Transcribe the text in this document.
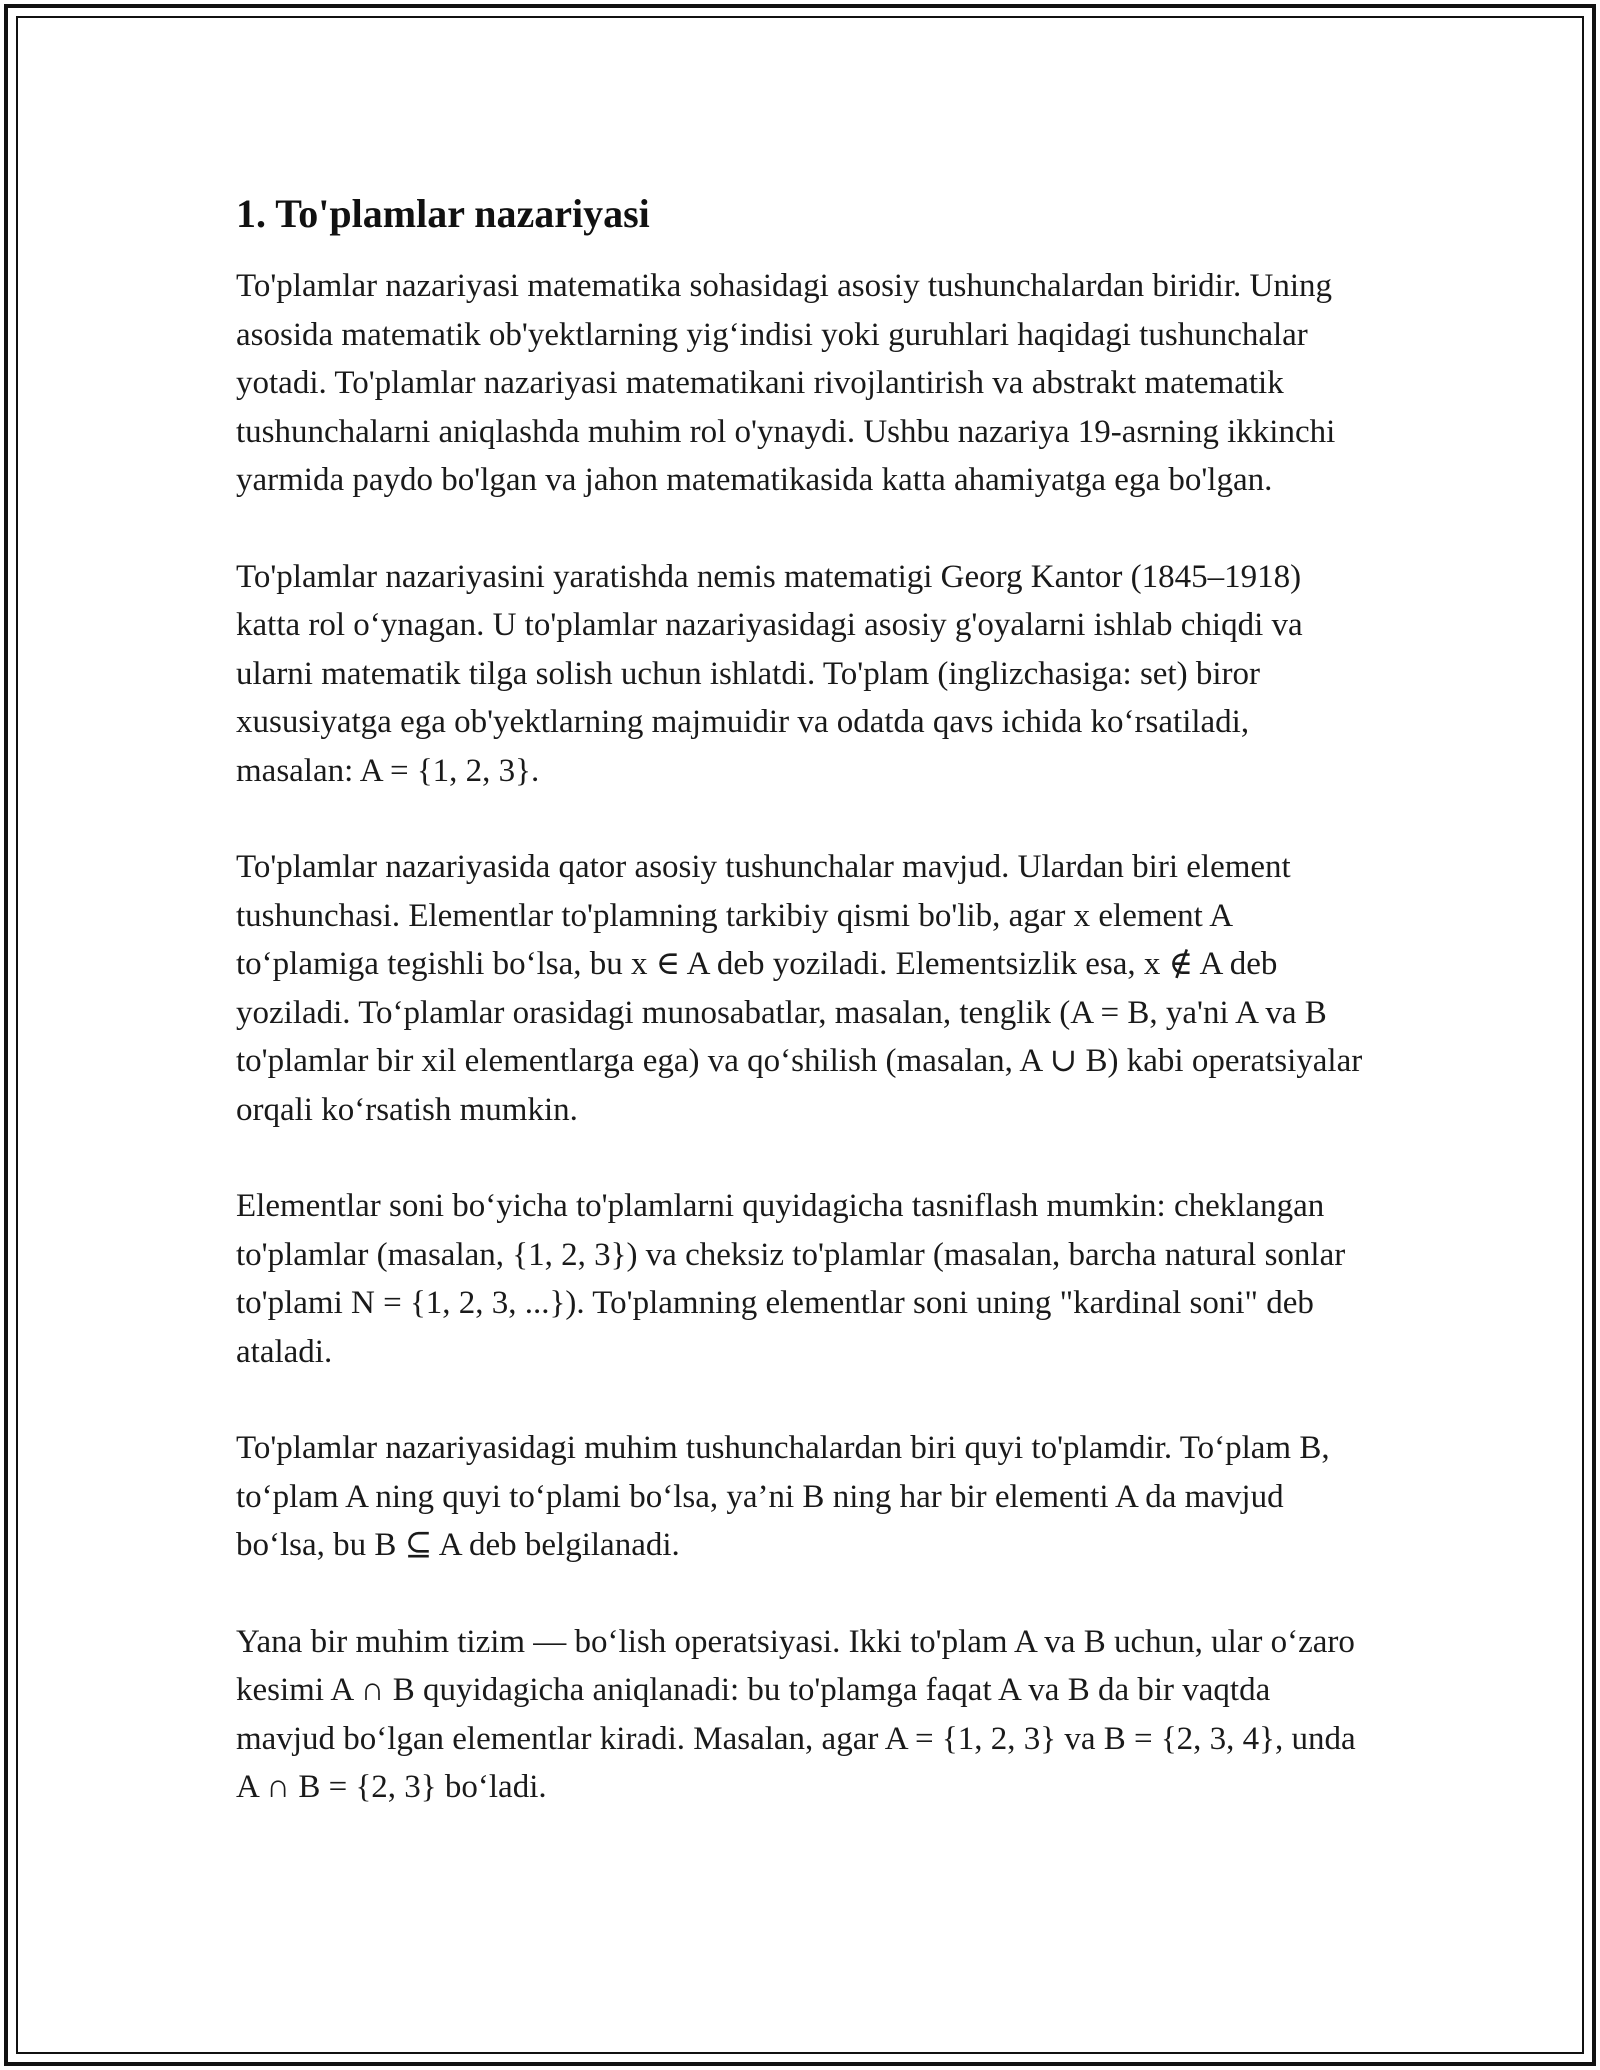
1. To'plamlar nazariyasi

To'plamlar nazariyasi matematika sohasidagi asosiy tushunchalardan biridir. Uning asosida matematik ob'yektlarning yig‘indisi yoki guruhlari haqidagi tushunchalar yotadi. To'plamlar nazariyasi matematikani rivojlantirish va abstrakt matematik tushunchalarni aniqlashda muhim rol o'ynaydi. Ushbu nazariya 19-asrning ikkinchi yarmida paydo bo'lgan va jahon matematikasida katta ahamiyatga ega bo'lgan.

To'plamlar nazariyasini yaratishda nemis matematigi Georg Kantor (1845–1918) katta rol o‘ynagan. U to'plamlar nazariyasidagi asosiy g'oyalarni ishlab chiqdi va ularni matematik tilga solish uchun ishlatdi. To'plam (inglizchasiga: set) biror xususiyatga ega ob'yektlarning majmuidir va odatda qavs ichida ko‘rsatiladi, masalan: A = {1, 2, 3}.

To'plamlar nazariyasida qator asosiy tushunchalar mavjud. Ulardan biri element tushunchasi. Elementlar to'plamning tarkibiy qismi bo'lib, agar x element A to‘plamiga tegishli bo‘lsa, bu x ∈ A deb yoziladi. Elementsizlik esa, x ∉ A deb yoziladi. To‘plamlar orasidagi munosabatlar, masalan, tenglik (A = B, ya'ni A va B to'plamlar bir xil elementlarga ega) va qo‘shilish (masalan, A ∪ B) kabi operatsiyalar orqali ko‘rsatish mumkin.

Elementlar soni bo‘yicha to'plamlarni quyidagicha tasniflash mumkin: cheklangan to'plamlar (masalan, {1, 2, 3}) va cheksiz to'plamlar (masalan, barcha natural sonlar to'plami N = {1, 2, 3, ...}). To'plamning elementlar soni uning "kardinal soni" deb ataladi.

To'plamlar nazariyasidagi muhim tushunchalardan biri quyi to'plamdir. To‘plam B, to‘plam A ning quyi to‘plami bo‘lsa, ya’ni B ning har bir elementi A da mavjud bo‘lsa, bu B ⊆ A deb belgilanadi.

Yana bir muhim tizim — bo‘lish operatsiyasi. Ikki to'plam A va B uchun, ular o‘zaro kesimi A ∩ B quyidagicha aniqlanadi: bu to'plamga faqat A va B da bir vaqtda mavjud bo‘lgan elementlar kiradi. Masalan, agar A = {1, 2, 3} va B = {2, 3, 4}, unda A ∩ B = {2, 3} bo‘ladi.
